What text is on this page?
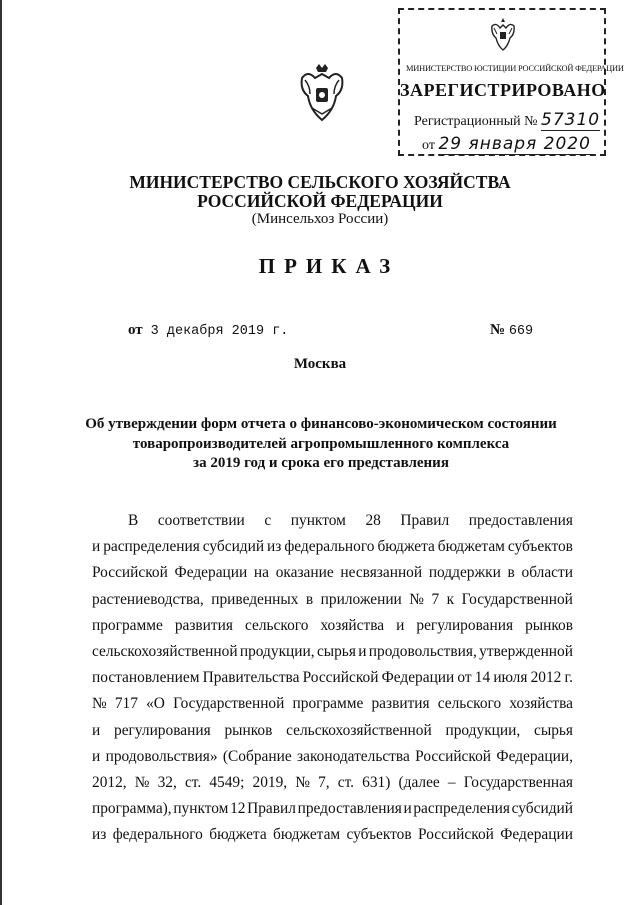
МИНИСТЕРСТВО ЮСТИЦИИ РОССИЙСКОЙ ФЕДЕРАЦИИ
ЗАРЕГИСТРИРОВАНО
Регистрационный № 57310
от 29 января 2020
МИНИСТЕРСТВО СЕЛЬСКОГО ХОЗЯЙСТВА
РОССИЙСКОЙ ФЕДЕРАЦИИ
(Минсельхоз России)
ПРИКАЗ
от 3 декабря 2019 г.	№ 669
Москва
Об утверждении форм отчета о финансово-экономическом состоянии
товаропроизводителей агропромышленного комплекса
за 2019 год и срока его представления
В соответствии с пунктом 28 Правил предоставления
и распределения субсидий из федерального бюджета бюджетам субъектов
Российской Федерации на оказание несвязанной поддержки в области
растениеводства, приведенных в приложении № 7 к Государственной
программе развития сельского хозяйства и регулирования рынков
сельскохозяйственной продукции, сырья и продовольствия, утвержденной
постановлением Правительства Российской Федерации от 14 июля 2012 г.
№ 717 «О Государственной программе развития сельского хозяйства
и регулирования рынков сельскохозяйственной продукции, сырья
и продовольствия» (Собрание законодательства Российской Федерации,
2012, № 32, ст. 4549; 2019, № 7, ст. 631) (далее – Государственная
программа), пунктом 12 Правил предоставления и распределения субсидий
из федерального бюджета бюджетам субъектов Российской Федерации
